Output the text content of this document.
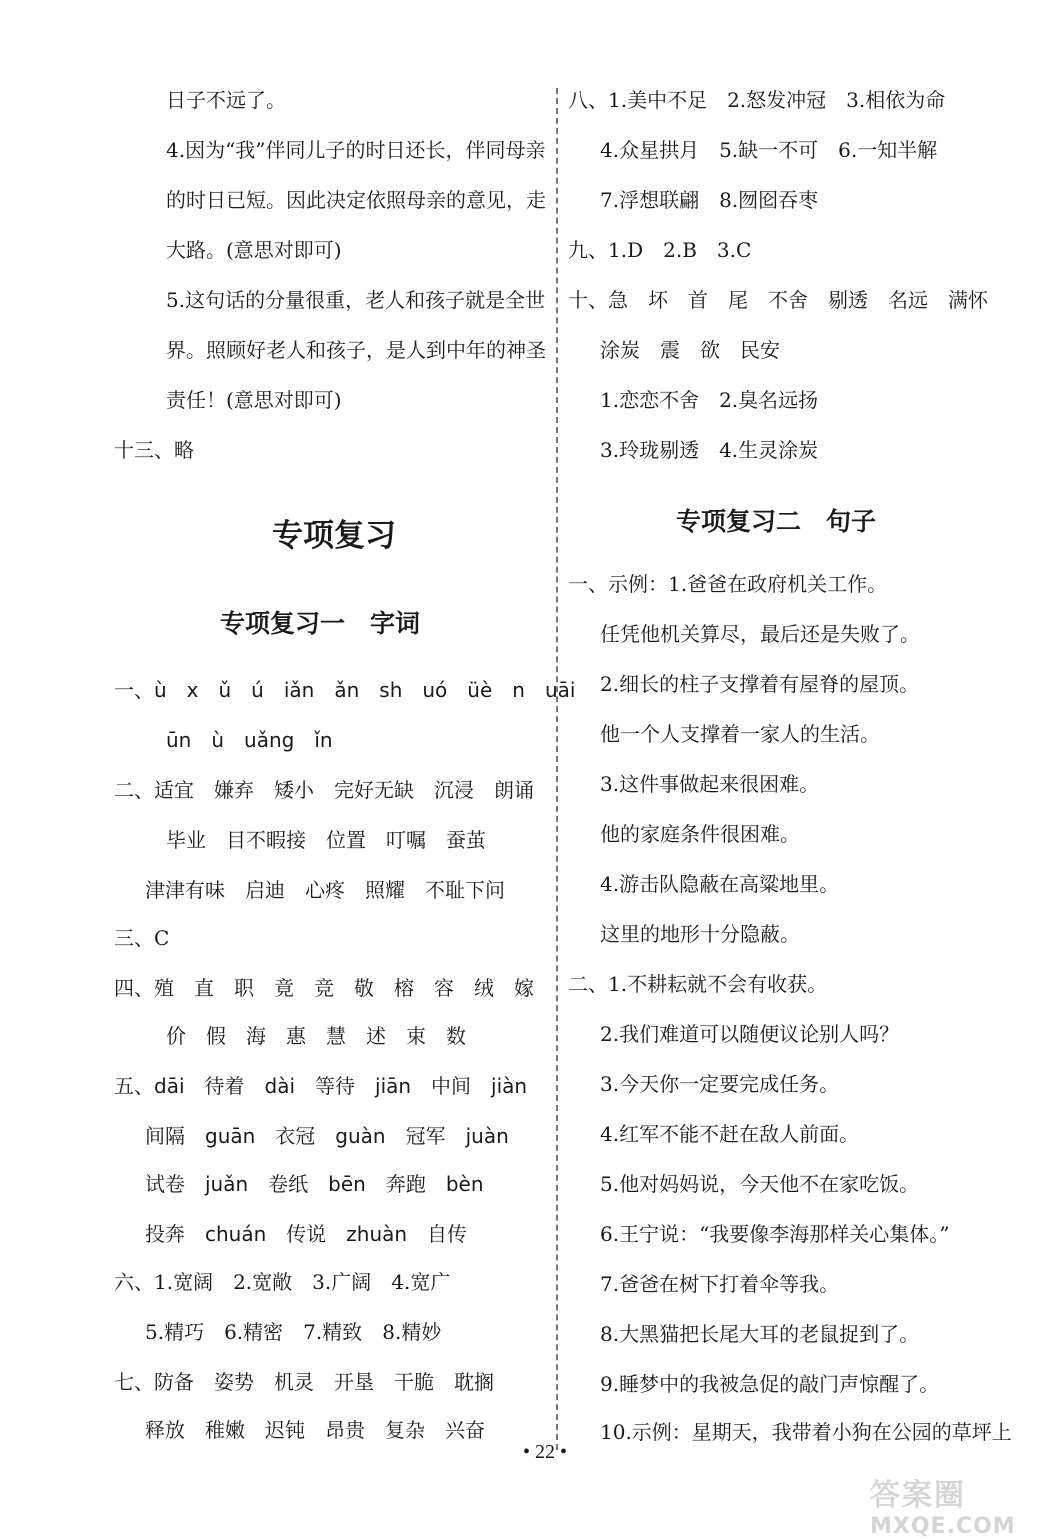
日子不远了。
4.因为“我”伴同儿子的时日还长，伴同母亲
的时日已短。因此决定依照母亲的意见，走
大路。(意思对即可)
5.这句话的分量很重，老人和孩子就是全世
界。照顾好老人和孩子，是人到中年的神圣
责任！(意思对即可)
十三、略
专项复习
专项复习一　字词
一、ù　x　ǔ　ú　iǎn　ǎn　sh　uó　üè　n　uāi
ūn　ù　uǎng　ǐn
二、适宜　嫌弃　矮小　完好无缺　沉浸　朗诵
毕业　目不暇接　位置　叮嘱　蚕茧
津津有味　启迪　心疼　照耀　不耻下问
三、C
四、殖　直　职　竟　竞　敬　榕　容　绒　嫁
价　假　海　惠　慧　述　束　数
五、dāi　待着　dài　等待　jiān　中间　jiàn
间隔　guān　衣冠　guàn　冠军　juàn
试卷　juǎn　卷纸　bēn　奔跑　bèn
投奔　chuán　传说　zhuàn　自传
六、1.宽阔　2.宽敞　3.广阔　4.宽广
5.精巧　6.精密　7.精致　8.精妙
七、防备　姿势　机灵　开垦　干脆　耽搁
释放　稚嫩　迟钝　昂贵　复杂　兴奋
八、1.美中不足　2.怒发冲冠　3.相依为命
4.众星拱月　5.缺一不可　6.一知半解
7.浮想联翩　8.囫囵吞枣
九、1.D　2.B　3.C
十、急　坏　首　尾　不舍　剔透　名远　满怀
涂炭　震　欲　民安
1.恋恋不舍　2.臭名远扬
3.玲珑剔透　4.生灵涂炭
专项复习二　句子
一、示例：1.爸爸在政府机关工作。
任凭他机关算尽，最后还是失败了。
2.细长的柱子支撑着有屋脊的屋顶。
他一个人支撑着一家人的生活。
3.这件事做起来很困难。
他的家庭条件很困难。
4.游击队隐蔽在高粱地里。
这里的地形十分隐蔽。
二、1.不耕耘就不会有收获。
2.我们难道可以随便议论别人吗？
3.今天你一定要完成任务。
4.红军不能不赶在敌人前面。
5.他对妈妈说，今天他不在家吃饭。
6.王宁说：“我要像李海那样关心集体。”
7.爸爸在树下打着伞等我。
8.大黑猫把长尾大耳的老鼠捉到了。
9.睡梦中的我被急促的敲门声惊醒了。
10.示例：星期天，我带着小狗在公园的草坪上
• 22 •
答案圈
MXQE.COM
